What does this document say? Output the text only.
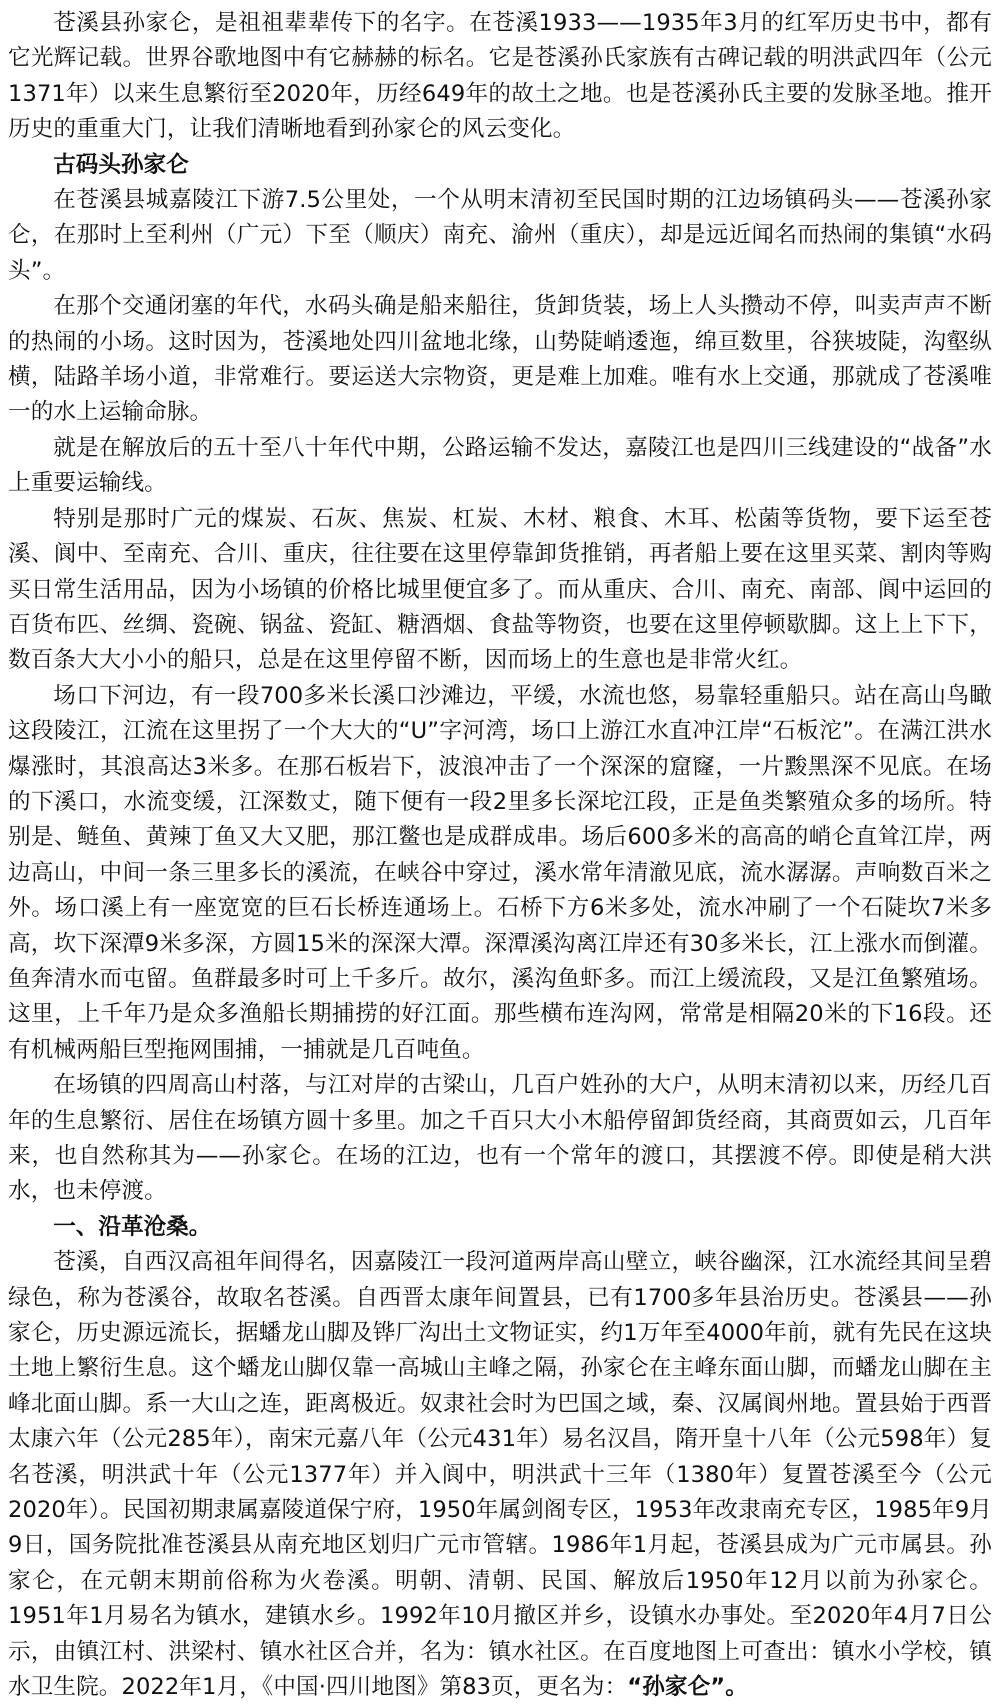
苍溪县孙家仑，是祖祖辈辈传下的名字。在苍溪1933——1935年3月的红军历史书中，都有它光辉记载。世界谷歌地图中有它赫赫的标名。它是苍溪孙氏家族有古碑记载的明洪武四年（公元1371年）以来生息繁衍至2020年，历经649年的故土之地。也是苍溪孙氏主要的发脉圣地。推开历史的重重大门，让我们清晰地看到孙家仑的风云变化。

古码头孙家仑

在苍溪县城嘉陵江下游7.5公里处，一个从明末清初至民国时期的江边场镇码头——苍溪孙家仑，在那时上至利州（广元）下至（顺庆）南充、渝州（重庆），却是远近闻名而热闹的集镇“水码头”。

在那个交通闭塞的年代，水码头确是船来船往，货卸货装，场上人头攒动不停，叫卖声声不断的热闹的小场。这时因为，苍溪地处四川盆地北缘，山势陡峭逶迤，绵亘数里，谷狭坡陡，沟壑纵横，陆路羊场小道，非常难行。要运送大宗物资，更是难上加难。唯有水上交通，那就成了苍溪唯一的水上运输命脉。

就是在解放后的五十至八十年代中期，公路运输不发达，嘉陵江也是四川三线建设的“战备”水上重要运输线。

特别是那时广元的煤炭、石灰、焦炭、杠炭、木材、粮食、木耳、松菌等货物，要下运至苍溪、阆中、至南充、合川、重庆，往往要在这里停靠卸货推销，再者船上要在这里买菜、割肉等购买日常生活用品，因为小场镇的价格比城里便宜多了。而从重庆、合川、南充、南部、阆中运回的百货布匹、丝绸、瓷碗、锅盆、瓷缸、糖酒烟、食盐等物资，也要在这里停顿歇脚。这上上下下，数百条大大小小的船只，总是在这里停留不断，因而场上的生意也是非常火红。

场口下河边，有一段700多米长溪口沙滩边，平缓，水流也悠，易靠轻重船只。站在高山鸟瞰这段陵江，江流在这里拐了一个大大的“U”字河湾，场口上游江水直冲江岸“石板沱”。在满江洪水爆涨时，其浪高达3米多。在那石板岩下，波浪冲击了一个深深的窟窿，一片黢黑深不见底。在场的下溪口，水流变缓，江深数丈，随下便有一段2里多长深坨江段，正是鱼类繁殖众多的场所。特别是、鲢鱼、黄辣丁鱼又大又肥，那江鳖也是成群成串。场后600多米的高高的峭仑直耸江岸，两边高山，中间一条三里多长的溪流，在峡谷中穿过，溪水常年清澈见底，流水潺潺。声响数百米之外。场口溪上有一座宽宽的巨石长桥连通场上。石桥下方6米多处，流水冲刷了一个石陡坎7米多高，坎下深潭9米多深，方圆15米的深深大潭。深潭溪沟离江岸还有30多米长，江上涨水而倒灌。鱼奔清水而屯留。鱼群最多时可上千多斤。故尔，溪沟鱼虾多。而江上缓流段，又是江鱼繁殖场。这里，上千年乃是众多渔船长期捕捞的好江面。那些横布连沟网，常常是相隔20米的下16段。还有机械两船巨型拖网围捕，一捕就是几百吨鱼。

在场镇的四周高山村落，与江对岸的古梁山，几百户姓孙的大户，从明末清初以来，历经几百年的生息繁衍、居住在场镇方圆十多里。加之千百只大小木船停留卸货经商，其商贾如云，几百年来，也自然称其为——孙家仑。在场的江边，也有一个常年的渡口，其摆渡不停。即使是稍大洪水，也未停渡。

一、沿革沧桑。

苍溪，自西汉高祖年间得名，因嘉陵江一段河道两岸高山壁立，峡谷幽深，江水流经其间呈碧绿色，称为苍溪谷，故取名苍溪。自西晋太康年间置县，已有1700多年县治历史。苍溪县——孙家仑，历史源远流长，据蟠龙山脚及铧厂沟出土文物证实，约1万年至4000年前，就有先民在这块土地上繁衍生息。这个蟠龙山脚仅靠一高城山主峰之隔，孙家仑在主峰东面山脚，而蟠龙山脚在主峰北面山脚。系一大山之连，距离极近。奴隶社会时为巴国之域，秦、汉属阆州地。置县始于西晋太康六年（公元285年），南宋元嘉八年（公元431年）易名汉昌，隋开皇十八年（公元598年）复名苍溪，明洪武十年（公元1377年）并入阆中，明洪武十三年（1380年）复置苍溪至今（公元2020年）。民国初期隶属嘉陵道保宁府，1950年属剑阁专区，1953年改隶南充专区，1985年9月9日，国务院批准苍溪县从南充地区划归广元市管辖。1986年1月起，苍溪县成为广元市属县。孙家仑，在元朝末期前俗称为火卷溪。明朝、清朝、民国、解放后1950年12月以前为孙家仑。1951年1月易名为镇水，建镇水乡。1992年10月撤区并乡，设镇水办事处。至2020年4月7日公示，由镇江村、洪梁村、镇水社区合并，名为：镇水社区。在百度地图上可查出：镇水小学校，镇水卫生院。2022年1月，《中国·四川地图》第83页，更名为：“孙家仑”。
